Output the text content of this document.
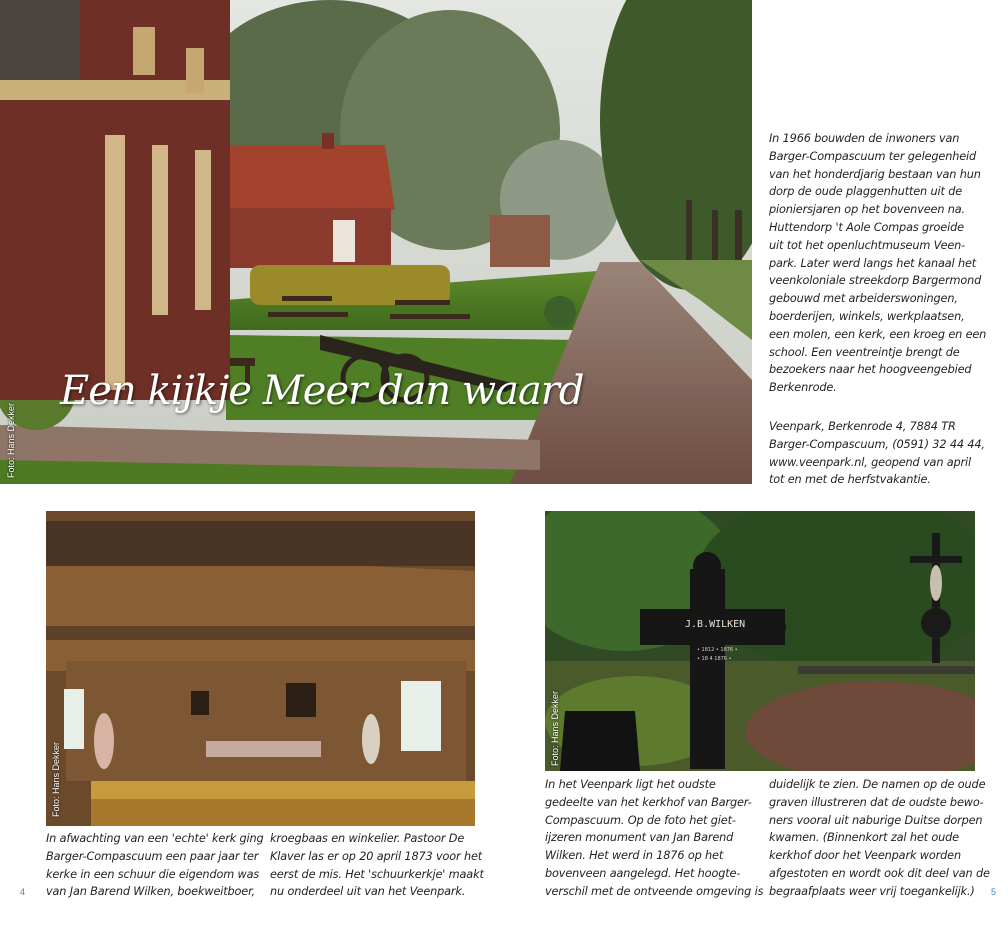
Een kijkje Meer dan waard
Foto: Hans Dekker
In 1966 bouwden de inwoners van
Barger-Compascuum ter gelegenheid
van het honderdjarig bestaan van hun
dorp de oude plaggenhutten uit de
pioniersjaren op het bovenveen na.
Huttendorp 't Aole Compas groeide
uit tot het openluchtmuseum Veen-
park. Later werd langs het kanaal het
veenkoloniale streekdorp Bargermond
gebouwd met arbeiderswoningen,
boerderijen, winkels, werkplaatsen,
een molen, een kerk, een kroeg en een
school. Een veentreintje brengt de
bezoekers naar het hoogveengebied
Berkenrode.
Veenpark, Berkenrode 4, 7884 TR
Barger-Compascuum, (0591) 32 44 44,
www.veenpark.nl, geopend van april
tot en met de herfstvakantie.
Foto: Hans Dekker
In afwachting van een 'echte' kerk ging
Barger-Compascuum een paar jaar ter
kerke in een schuur die eigendom was
van Jan Barend Wilken, boekweitboer,
kroegbaas en winkelier. Pastoor De
Klaver las er op 20 april 1873 voor het
eerst de mis. Het 'schuurkerkje' maakt
nu onderdeel uit van het Veenpark.
J.B.WILKEN
• 1812 • 1876 •
• 18 4 1876 •
Foto: Hans Dekker
In het Veenpark ligt het oudste
gedeelte van het kerkhof van Barger-
Compascuum. Op de foto het giet-
ijzeren monument van Jan Barend
Wilken. Het werd in 1876 op het
bovenveen aangelegd. Het hoogte-
verschil met de ontveende omgeving is
duidelijk te zien. De namen op de oude
graven illustreren dat de oudste bewo-
ners vooral uit naburige Duitse dorpen
kwamen. (Binnenkort zal het oude
kerkhof door het Veenpark worden
afgestoten en wordt ook dit deel van de
begraafplaats weer vrij toegankelijk.)
4	5
